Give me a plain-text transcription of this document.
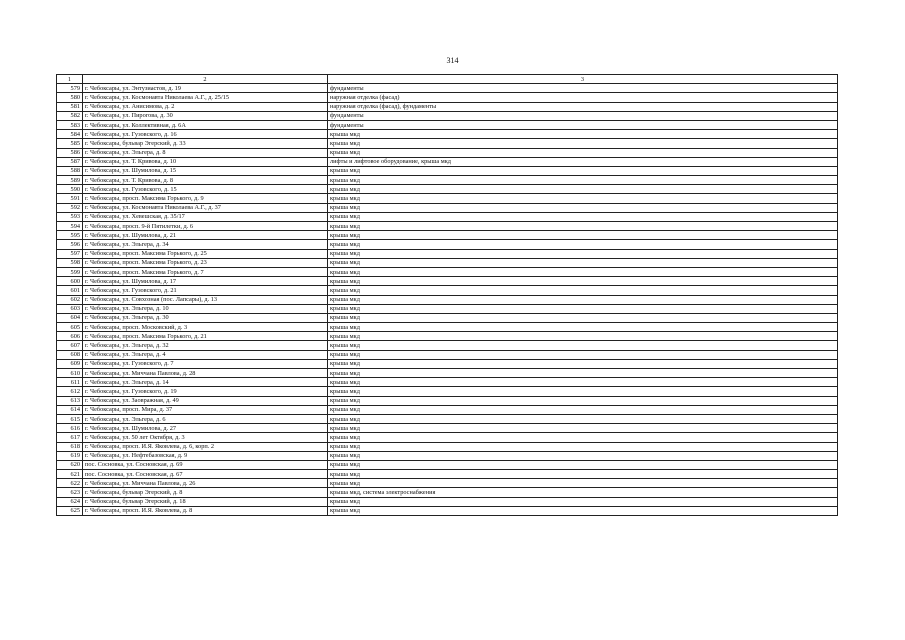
314
1	2	3
579	г. Чебоксары, ул. Энтузиастов, д. 19	фундаменты
580	г. Чебоксары, ул. Космонавта Николаева А.Г., д. 25/15	наружная отделка (фасад)
581	г. Чебоксары, ул. Анисимова, д. 2	наружная отделка (фасад), фундаменты
582	г. Чебоксары, ул. Пирогова, д. 30	фундаменты
583	г. Чебоксары, ул. Коллективная, д. 6А	фундаменты
584	г. Чебоксары, ул. Гузовского, д. 16	крыша мкд
585	г. Чебоксары, бульвар Эгерский, д. 33	крыша мкд
586	г. Чебоксары, ул. Эльгера, д. 8	крыша мкд
587	г. Чебоксары, ул. Т. Кривова, д. 10	лифты и лифтовое оборудование, крыша мкд
588	г. Чебоксары, ул. Шумилова, д. 15	крыша мкд
589	г. Чебоксары, ул. Т. Кривова, д. 8	крыша мкд
590	г. Чебоксары, ул. Гузовского, д. 15	крыша мкд
591	г. Чебоксары, просп. Максима Горького, д. 9	крыша мкд
592	г. Чебоксары, ул. Космонавта Николаева А.Г., д. 37	крыша мкд
593	г. Чебоксары, ул. Хевешская, д. 35/17	крыша мкд
594	г. Чебоксары, просп. 9-й Пятилетки, д. 6	крыша мкд
595	г. Чебоксары, ул. Шумилова, д. 21	крыша мкд
596	г. Чебоксары, ул. Эльгера, д. 34	крыша мкд
597	г. Чебоксары, просп. Максима Горького, д. 25	крыша мкд
598	г. Чебоксары, просп. Максима Горького, д. 23	крыша мкд
599	г. Чебоксары, просп. Максима Горького, д. 7	крыша мкд
600	г. Чебоксары, ул. Шумилова, д. 17	крыша мкд
601	г. Чебоксары, ул. Гузовского, д. 21	крыша мкд
602	г. Чебоксары, ул. Совхозная (пос. Лапсары), д. 13	крыша мкд
603	г. Чебоксары, ул. Эльгера, д. 10	крыша мкд
604	г. Чебоксары, ул. Эльгера, д. 30	крыша мкд
605	г. Чебоксары, просп. Московский, д. 3	крыша мкд
606	г. Чебоксары, просп. Максима Горького, д. 21	крыша мкд
607	г. Чебоксары, ул. Эльгера, д. 32	крыша мкд
608	г. Чебоксары, ул. Эльгера, д. 4	крыша мкд
609	г. Чебоксары, ул. Гузовского, д. 7	крыша мкд
610	г. Чебоксары, ул. Миччана Павлова, д. 28	крыша мкд
611	г. Чебоксары, ул. Эльгера, д. 14	крыша мкд
612	г. Чебоксары, ул. Гузовского, д. 19	крыша мкд
613	г. Чебоксары, ул. Заовражная, д. 49	крыша мкд
614	г. Чебоксары, просп. Мира, д. 37	крыша мкд
615	г. Чебоксары, ул. Эльгера, д. 6	крыша мкд
616	г. Чебоксары, ул. Шумилова, д. 27	крыша мкд
617	г. Чебоксары, ул. 50 лет Октября, д. 3	крыша мкд
618	г. Чебоксары, просп. И.Я. Яковлева, д. 6, корп. 2	крыша мкд
619	г. Чебоксары, ул. Нефтебазовская, д. 9	крыша мкд
620	пос. Сосновка, ул. Сосновская, д. 69	крыша мкд
621	пос. Сосновка, ул. Сосновская, д. 67	крыша мкд
622	г. Чебоксары, ул. Миччана Павлова, д. 26	крыша мкд
623	г. Чебоксары, бульвар Эгерский, д. 8	крыша мкд, система электроснабжения
624	г. Чебоксары, бульвар Эгерский, д. 18	крыша мкд
625	г. Чебоксары, просп. И.Я. Яковлева, д. 8	крыша мкд
